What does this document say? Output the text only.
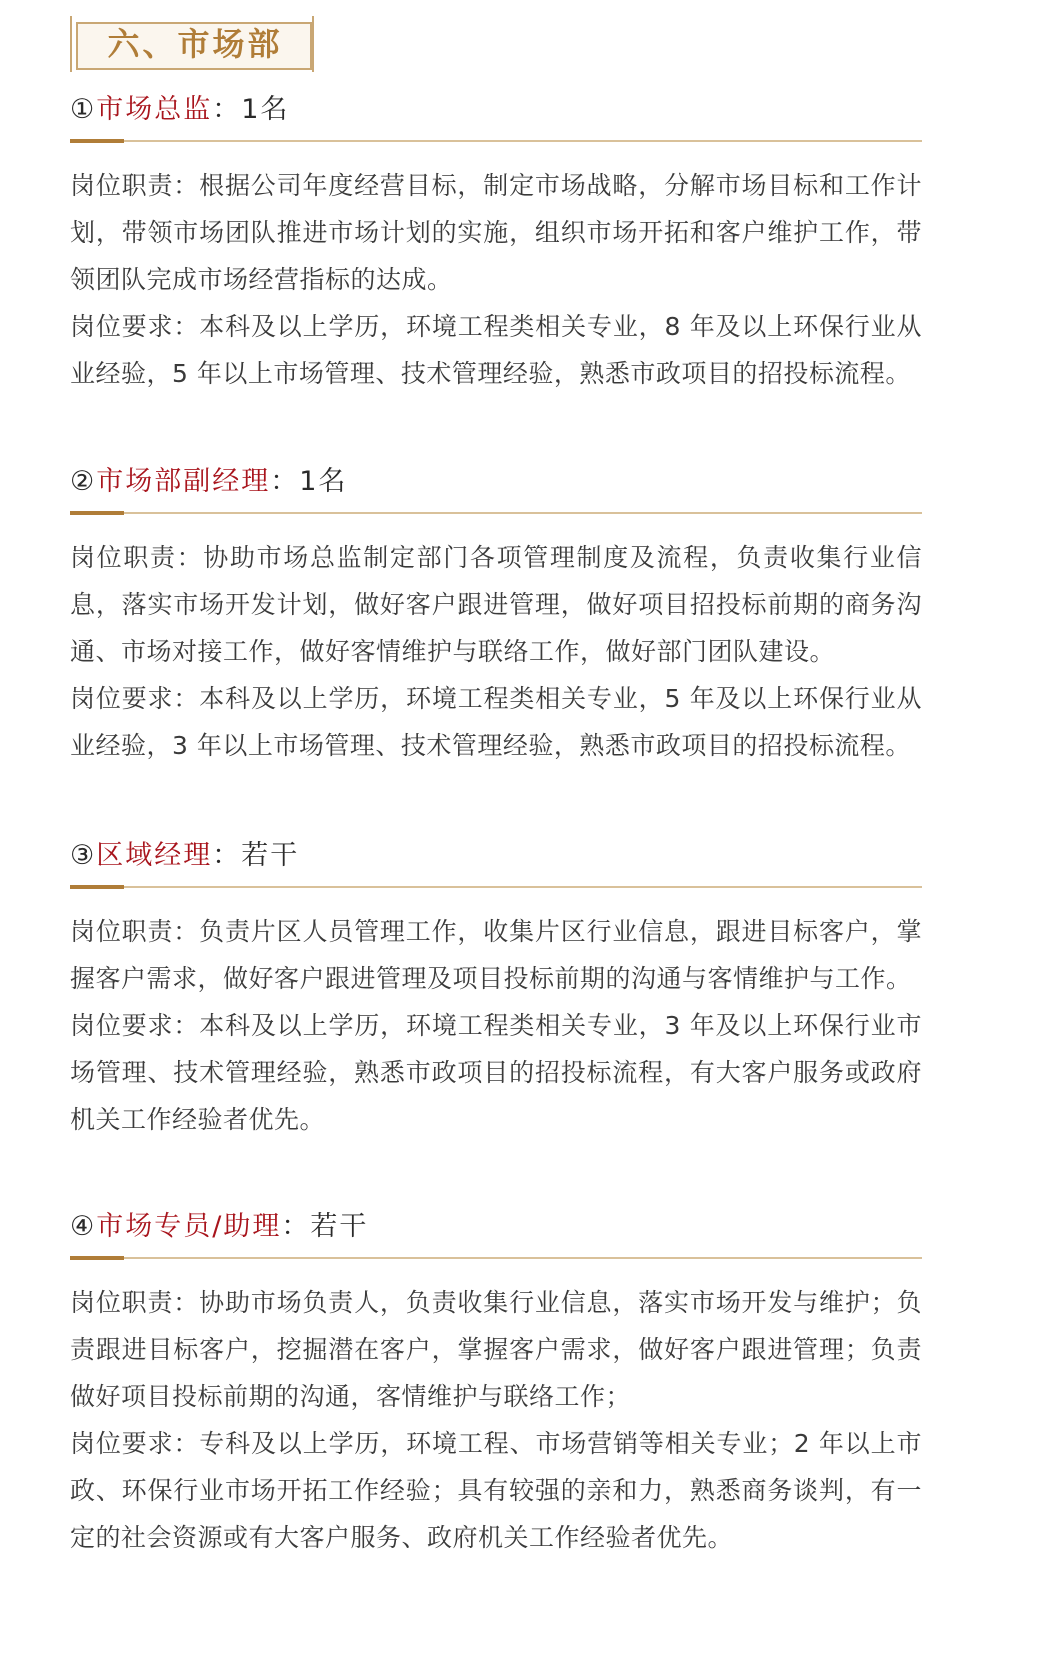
六、市场部
①市场总监：1名

岗位职责：根据公司年度经营目标，制定市场战略，分解市场目标和工作计划，带领市场团队推进市场计划的实施，组织市场开拓和客户维护工作，带领团队完成市场经营指标的达成。

岗位要求：本科及以上学历，环境工程类相关专业，8 年及以上环保行业从业经验，5 年以上市场管理、技术管理经验，熟悉市政项目的招投标流程。

②市场部副经理：1名

岗位职责：协助市场总监制定部门各项管理制度及流程，负责收集行业信息，落实市场开发计划，做好客户跟进管理，做好项目招投标前期的商务沟通、市场对接工作，做好客情维护与联络工作，做好部门团队建设。

岗位要求：本科及以上学历，环境工程类相关专业，5 年及以上环保行业从业经验，3 年以上市场管理、技术管理经验，熟悉市政项目的招投标流程。

③区域经理：若干

岗位职责：负责片区人员管理工作，收集片区行业信息，跟进目标客户，掌握客户需求，做好客户跟进管理及项目投标前期的沟通与客情维护与工作。

岗位要求：本科及以上学历，环境工程类相关专业，3 年及以上环保行业市场管理、技术管理经验，熟悉市政项目的招投标流程，有大客户服务或政府机关工作经验者优先。

④市场专员/助理：若干

岗位职责：协助市场负责人，负责收集行业信息，落实市场开发与维护；负责跟进目标客户，挖掘潜在客户，掌握客户需求，做好客户跟进管理；负责做好项目投标前期的沟通，客情维护与联络工作；

岗位要求：专科及以上学历，环境工程、市场营销等相关专业；2 年以上市政、环保行业市场开拓工作经验；具有较强的亲和力，熟悉商务谈判，有一定的社会资源或有大客户服务、政府机关工作经验者优先。
